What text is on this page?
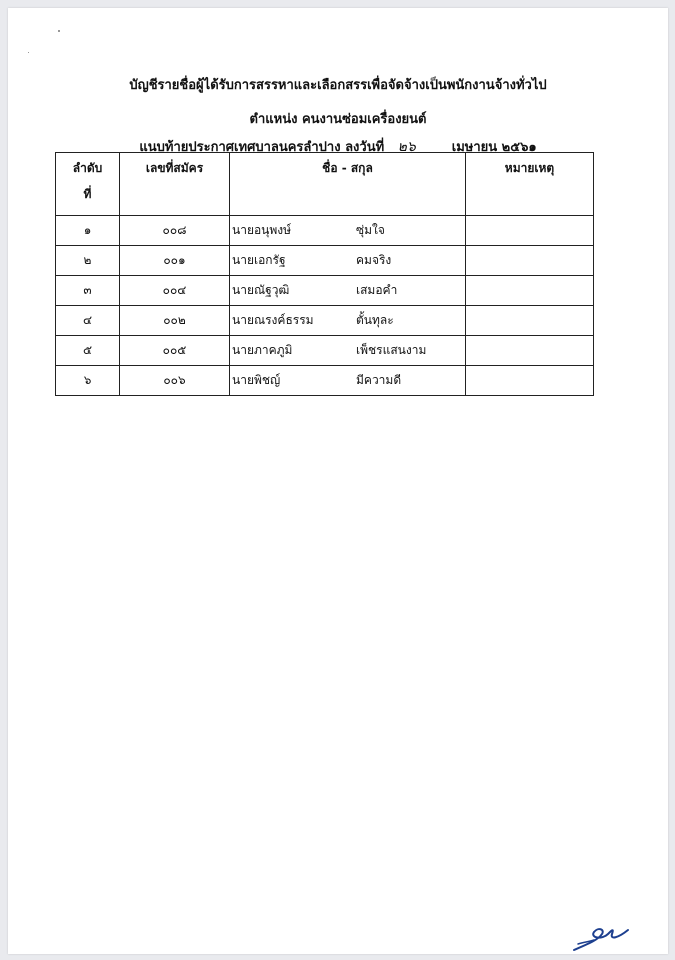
บัญชีรายชื่อผู้ได้รับการสรรหาและเลือกสรรเพื่อจัดจ้างเป็นพนักงานจ้างทั่วไป
ตำแหน่ง คนงานซ่อมเครื่องยนต์
แนบท้ายประกาศเทศบาลนครลำปาง ลงวันที่ ๒๖	เมษายน ๒๕๖๑
ลำดับ
ที่	เลขที่สมัคร	ชื่อ - สกุล	หมายเหตุ
๑	๐๐๘	นายอนุพงษ์ ซุ่มใจ	
๒	๐๐๑	นายเอกรัฐ คมจริง	
๓	๐๐๔	นายณัฐวุฒิ เสมอคำ	
๔	๐๐๒	นายณรงค์ธรรม ตั้นทุละ	
๕	๐๐๕	นายภาคภูมิ เพ็ชรแสนงาม	
๖	๐๐๖	นายพิชญ์ มีความดี	
